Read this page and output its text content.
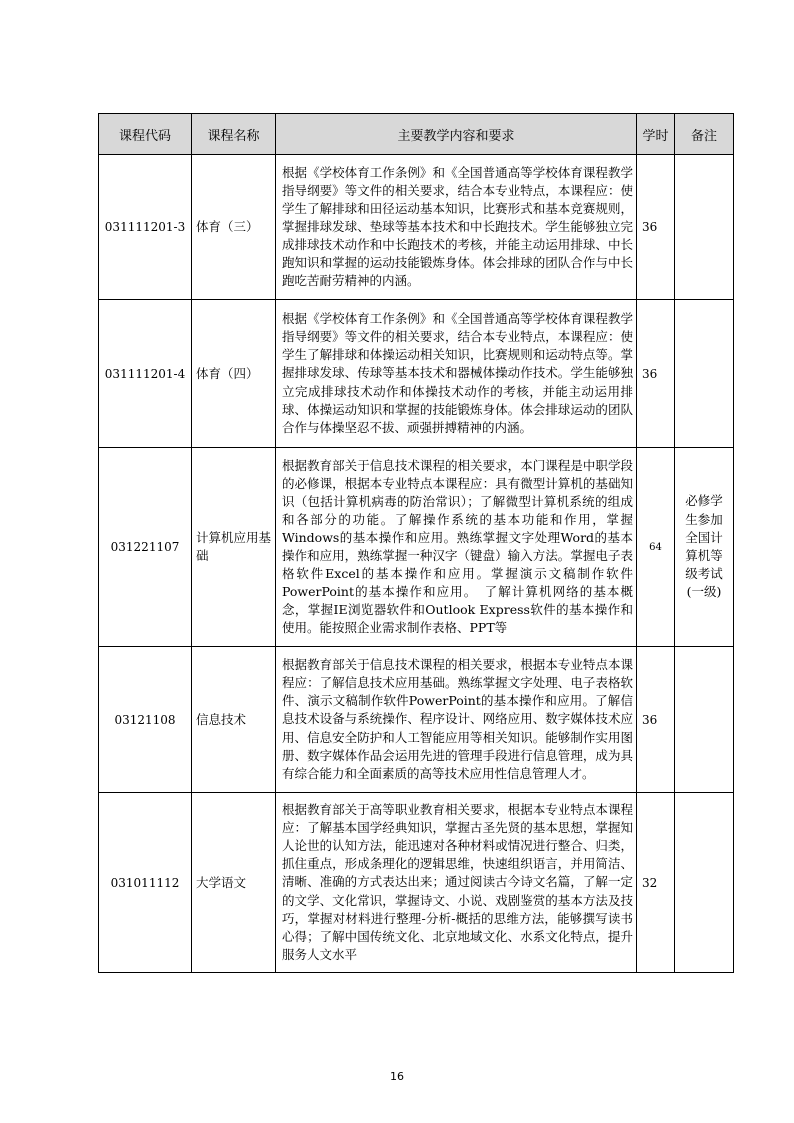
课程代码	课程名称	主要教学内容和要求	学时	备注
031111201-3	体育（三）	根据《学校体育工作条例》和《全国普通高等学校体育课程教学指导纲要》等文件的相关要求，结合本专业特点，本课程应：使学生了解排球和田径运动基本知识，比赛形式和基本竞赛规则，掌握排球发球、垫球等基本技术和中长跑技术。学生能够独立完成排球技术动作和中长跑技术的考核，并能主动运用排球、中长跑知识和掌握的运动技能锻炼身体。体会排球的团队合作与中长跑吃苦耐劳精神的内涵。	36	
031111201-4	体育（四）	根据《学校体育工作条例》和《全国普通高等学校体育课程教学指导纲要》等文件的相关要求，结合本专业特点，本课程应：使学生了解排球和体操运动相关知识，比赛规则和运动特点等。掌握排球发球、传球等基本技术和器械体操动作技术。学生能够独立完成排球技术动作和体操技术动作的考核，并能主动运用排球、体操运动知识和掌握的技能锻炼身体。体会排球运动的团队合作与体操坚忍不拔、顽强拼搏精神的内涵。	36	
031221107	计算机应用基础	根据教育部关于信息技术课程的相关要求，本门课程是中职学段的必修课，根据本专业特点本课程应：具有微型计算机的基础知识（包括计算机病毒的防治常识）；了解微型计算机系统的组成和各部分的功能。了解操作系统的基本功能和作用，掌握Windows的基本操作和应用。熟练掌握文字处理Word的基本操作和应用，熟练掌握一种汉字（键盘）输入方法。掌握电子表格软件Excel的基本操作和应用。掌握演示文稿制作软件PowerPoint的基本操作和应用。　了解计算机网络的基本概念，掌握IE浏览器软件和Outlook Express软件的基本操作和使用。能按照企业需求制作表格、PPT等	64	必修学生参加全国计算机等级考试(一级)
03121108	信息技术	根据教育部关于信息技术课程的相关要求，根据本专业特点本课程应：了解信息技术应用基础。熟练掌握文字处理、电子表格软件、演示文稿制作软件PowerPoint的基本操作和应用。了解信息技术设备与系统操作、程序设计、网络应用、数字媒体技术应用、信息安全防护和人工智能应用等相关知识。能够制作实用图册、数字媒体作品会运用先进的管理手段进行信息管理，成为具有综合能力和全面素质的高等技术应用性信息管理人才。	36	
031011112	大学语文	根据教育部关于高等职业教育相关要求，根据本专业特点本课程应：了解基本国学经典知识，掌握古圣先贤的基本思想，掌握知人论世的认知方法，能迅速对各种材料或情况进行整合、归类，抓住重点，形成条理化的逻辑思维，快速组织语言，并用简洁、清晰、准确的方式表达出来；通过阅读古今诗文名篇，了解一定的文学、文化常识，掌握诗文、小说、戏剧鉴赏的基本方法及技巧，掌握对材料进行整理-分析-概括的思维方法，能够撰写读书心得；了解中国传统文化、北京地域文化、水系文化特点，提升服务人文水平	32	
16
